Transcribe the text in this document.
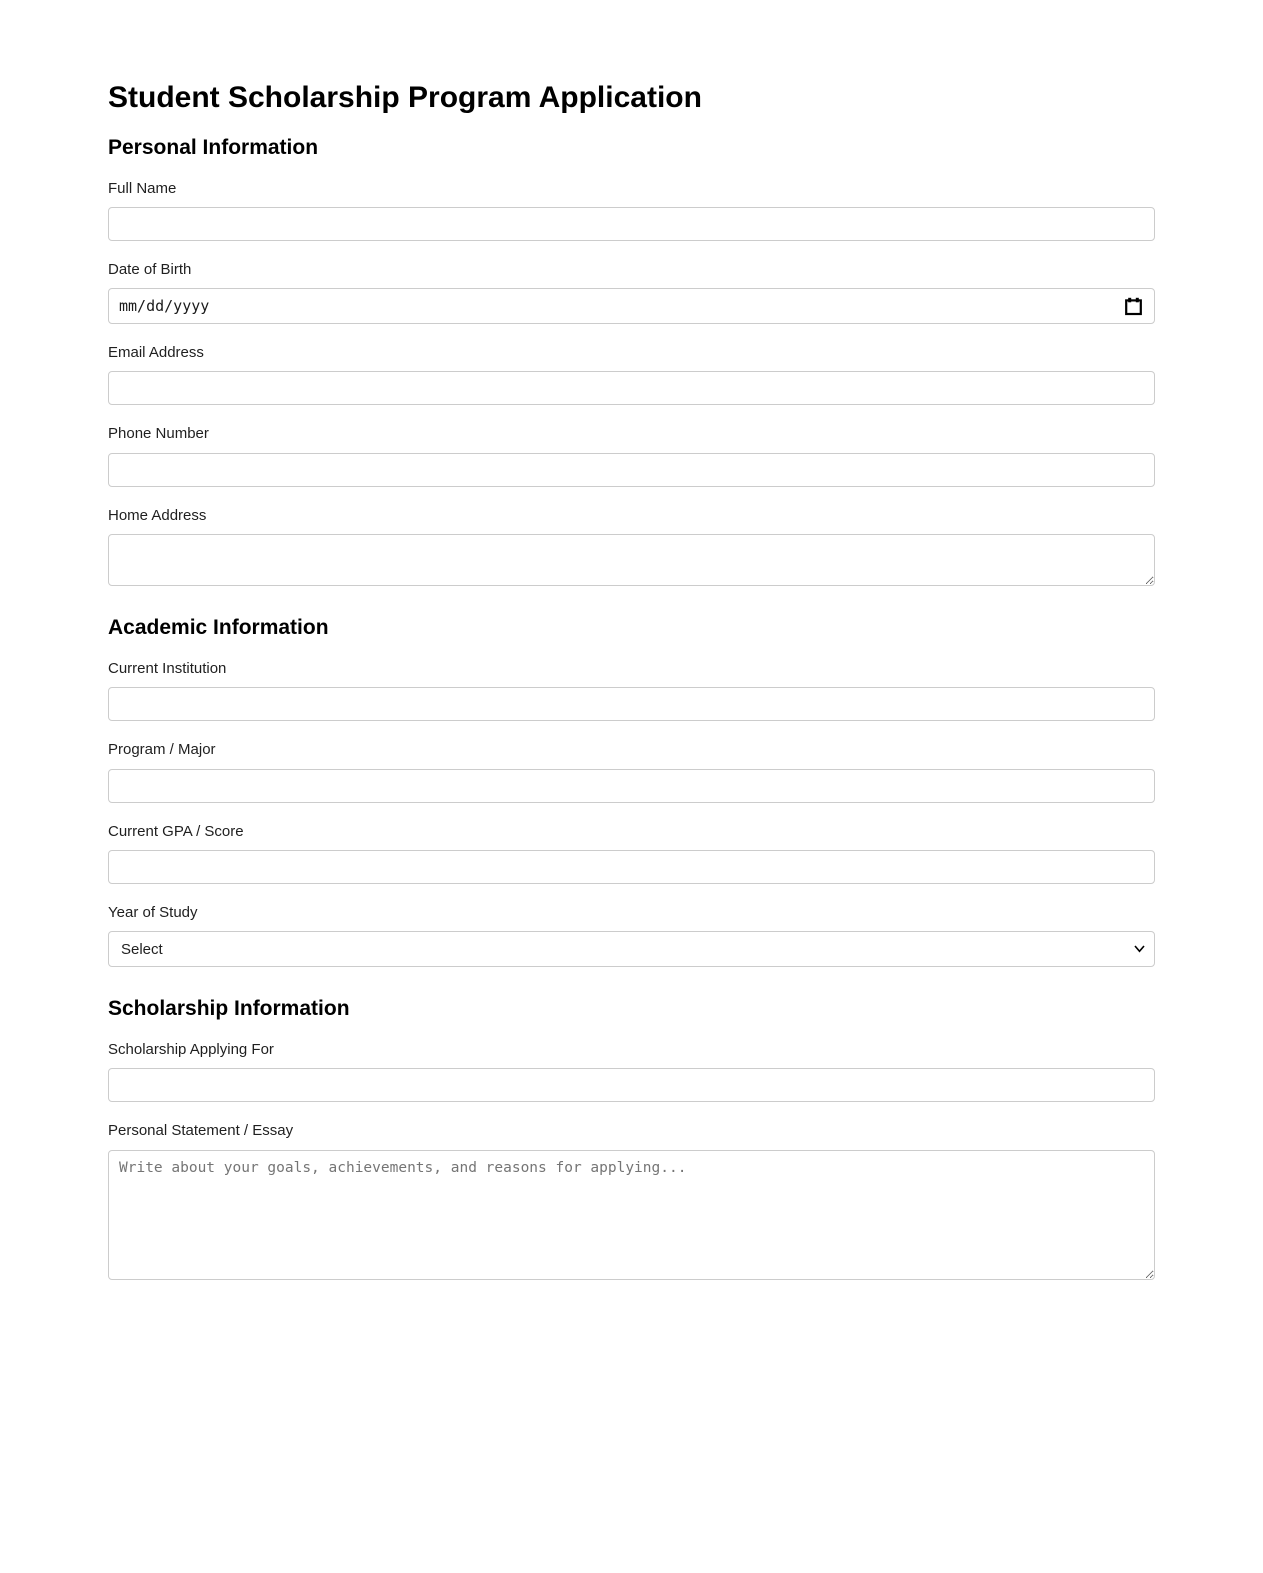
Student Scholarship Program Application
Personal Information
Full Name
Date of Birth
mm/dd/yyyy
Email Address
Phone Number
Home Address
Academic Information
Current Institution
Program / Major
Current GPA / Score
Year of Study
Select
Scholarship Information
Scholarship Applying For
Personal Statement / Essay
Write about your goals, achievements, and reasons for applying...
